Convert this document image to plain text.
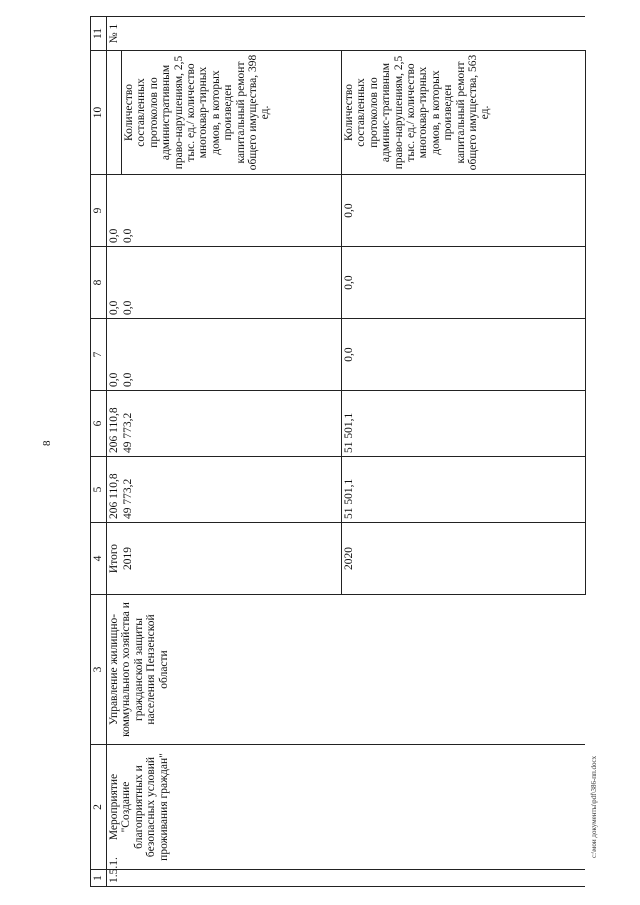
8
c:\мои документы\pdf\386-пп.docx
1	2	3	4	5	6	7	8	9	10	11
1.5.1.	Мероприятие "Создание благоприятных и безопасных условий проживания граждан"	Управление жилищно-коммунального хозяйства и гражданской защиты населения Пензенской области	Итого	206 110,8	206 110,8	0,0	0,0	0,0		№ 1
			2019	49 773,2	49 773,2	0,0	0,0	0,0	Количество составленных протоколов по административным право-нарушениям, 2,5 тыс. ед./ количество многоквар-тирных домов, в которых произведен капитальный ремонт общего имущества, 398 ед.	
			2020	51 501,1	51 501,1	0,0	0,0	0,0	Количество составленных протоколов по админис-тративным право-нарушениям, 2,5 тыс. ед./ количество многоквар-тирных домов, в которых произведен капитальный ремонт общего имущества, 563 ед.	
